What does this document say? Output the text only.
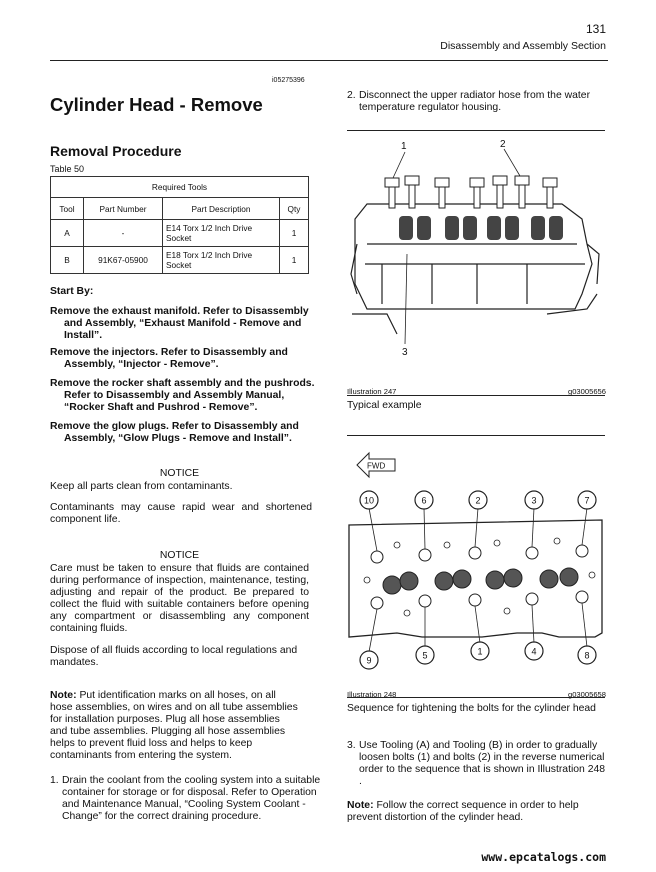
131
Disassembly and Assembly Section
i05275396
Cylinder Head - Remove
Removal Procedure
Table 50
Required Tools			
Tool	Part Number	Part Description	Qty
A	-	E14 Torx 1/2 Inch Drive Socket	1
B	91K67-05900	E18 Torx 1/2 Inch Drive Socket	1
Start By:
Remove the exhaust manifold. Refer to Disassembly and Assembly, “Exhaust Manifold - Remove and Install”.
Remove the injectors. Refer to Disassembly and Assembly, “Injector - Remove”.
Remove the rocker shaft assembly and the pushrods. Refer to Disassembly and Assembly Manual, “Rocker Shaft and Pushrod - Remove”.
Remove the glow plugs. Refer to Disassembly and Assembly, “Glow Plugs - Remove and Install”.
NOTICE
Keep all parts clean from contaminants.
Contaminants may cause rapid wear and shortened component life.
NOTICE
Care must be taken to ensure that fluids are contained during performance of inspection, maintenance, testing, adjusting and repair of the product. Be prepared to collect the fluid with suitable containers before opening any compartment or disassembling any component containing fluids.
Dispose of all fluids according to local regulations and mandates.
Note: Put identification marks on all hoses, on all hose assemblies, on wires and on all tube assemblies for installation purposes. Plug all hose assemblies and tube assemblies. Plugging all hose assemblies helps to prevent fluid loss and helps to keep contaminants from entering the system.
1. Drain the coolant from the cooling system into a suitable container for storage or for disposal. Refer to Operation and Maintenance Manual, “Cooling System Coolant - Change” for the correct draining procedure.
2. Disconnect the upper radiator hose from the water temperature regulator housing.
1	2
3
Illustration 247	g03005656
Typical example
FWD
10	6	2	3	7
9	5	1	4	8
Illustration 248	g03005658
Sequence for tightening the bolts for the cylinder head
3. Use Tooling (A) and Tooling (B) in order to gradually loosen bolts (1) and bolts (2) in the reverse numerical order to the sequence that is shown in Illustration 248 .
Note: Follow the correct sequence in order to help prevent distortion of the cylinder head.
www.epcatalogs.com
